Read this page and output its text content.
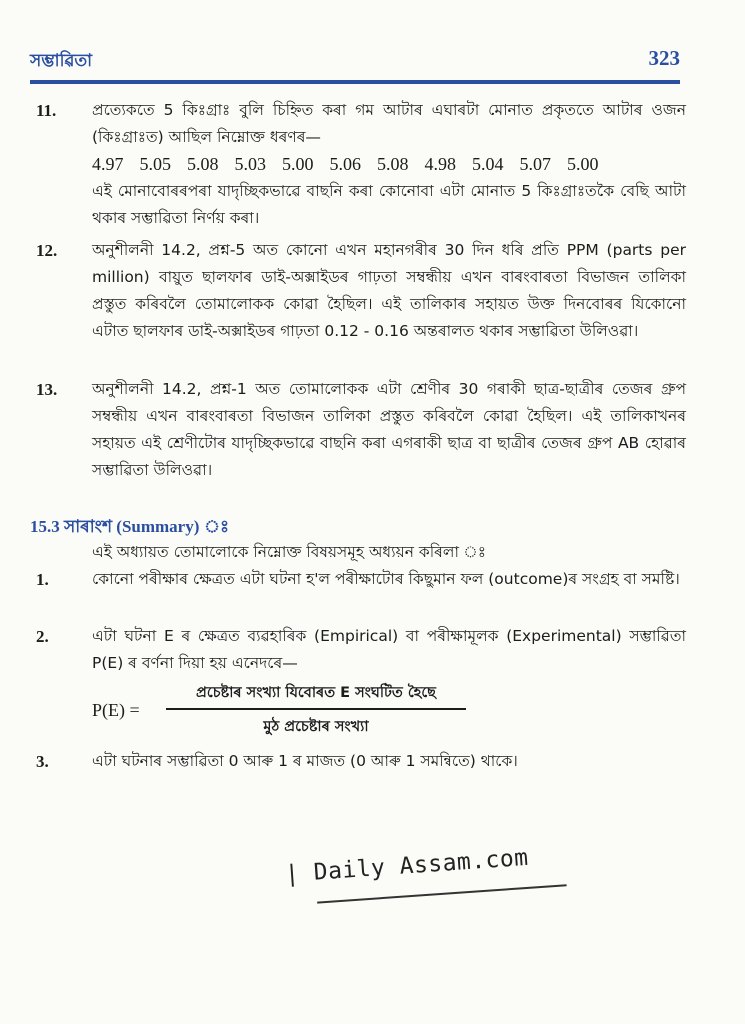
সম্ভাৱিতা	323
11. প্ৰত্যেকতে 5 কিঃগ্ৰাঃ বুলি চিহ্নিত কৰা গম আটাৰ এঘাৰটা মোনাত প্ৰকৃততে আটাৰ ওজন (কিঃগ্ৰাঃত) আছিল নিম্নোক্ত ধৰণৰ—

4.97 5.05 5.08 5.03 5.00 5.06 5.08 4.98 5.04 5.07 5.00

এই মোনাবোৰৰপৰা যাদৃচ্ছিকভাৱে বাছনি কৰা কোনোবা এটা মোনাত 5 কিঃগ্ৰাঃতকৈ বেছি আটা থকাৰ সম্ভাৱিতা নিৰ্ণয় কৰা।

12. অনুশীলনী 14.2, প্ৰশ্ন-5 অত কোনো এখন মহানগৰীৰ 30 দিন ধৰি প্ৰতি PPM (parts per million) বায়ুত ছালফাৰ ডাই-অক্সাইডৰ গাঢ়তা সম্বন্ধীয় এখন বাৰংবাৰতা বিভাজন তালিকা প্ৰস্তুত কৰিবলৈ তোমালোকক কোৱা হৈছিল। এই তালিকাৰ সহায়ত উক্ত দিনবোৰৰ যিকোনো এটাত ছালফাৰ ডাই-অক্সাইডৰ গাঢ়তা 0.12 - 0.16 অন্তৰালত থকাৰ সম্ভাৱিতা উলিওৱা।

13. অনুশীলনী 14.2, প্ৰশ্ন-1 অত তোমালোকক এটা শ্ৰেণীৰ 30 গৰাকী ছাত্ৰ-ছাত্ৰীৰ তেজৰ গ্ৰুপ সম্বন্ধীয় এখন বাৰংবাৰতা বিভাজন তালিকা প্ৰস্তুত কৰিবলৈ কোৱা হৈছিল। এই তালিকাখনৰ সহায়ত এই শ্ৰেণীটোৰ যাদৃচ্ছিকভাৱে বাছনি কৰা এগৰাকী ছাত্ৰ বা ছাত্ৰীৰ তেজৰ গ্ৰুপ AB হোৱাৰ সম্ভাৱিতা উলিওৱা।

15.3 সাৰাংশ (Summary) ঃ
এই অধ্যায়ত তোমালোকে নিম্নোক্ত বিষয়সমূহ অধ্যয়ন কৰিলা ঃ
1.	কোনো পৰীক্ষাৰ ক্ষেত্ৰত এটা ঘটনা হ'ল পৰীক্ষাটোৰ কিছুমান ফল (outcome)ৰ সংগ্ৰহ বা সমষ্টি।

2.	এটা ঘটনা E ৰ ক্ষেত্ৰত ব্যৱহাৰিক (Empirical) বা পৰীক্ষামূলক (Experimental) সম্ভাৱিতা P(E) ৰ বৰ্ণনা দিয়া হয় এনেদৰে—

P(E) =
প্ৰচেষ্টাৰ সংখ্যা যিবোৰত E সংঘটিত হৈছে
মুঠ প্ৰচেষ্টাৰ সংখ্যা
3.	এটা ঘটনাৰ সম্ভাৱিতা 0 আৰু 1 ৰ মাজত (0 আৰু 1 সমন্বিতে) থাকে।

| Daily Assam.com
